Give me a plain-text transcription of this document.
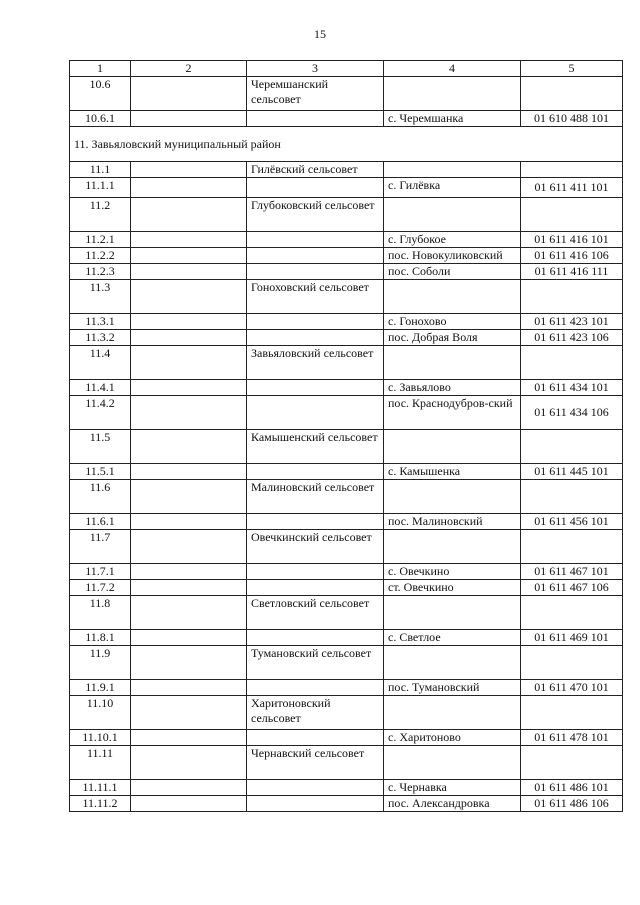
15
1	2	3	4	5
10.6		Черемшанский сельсовет		
10.6.1			с. Черемшанка	01 610 488 101
11. Завьяловский муниципальный район				
11.1		Гилёвский сельсовет		
11.1.1			с. Гилёвка	01 611 411 101
11.2		Глубоковский сельсовет		
11.2.1			с. Глубокое	01 611 416 101
11.2.2			пос. Новокуликовский	01 611 416 106
11.2.3			пос. Соболи	01 611 416 111
11.3		Гоноховский сельсовет		
11.3.1			с. Гонохово	01 611 423 101
11.3.2			пос. Добрая Воля	01 611 423 106
11.4		Завьяловский сельсовет		
11.4.1			с. Завьялово	01 611 434 101
11.4.2			пос. Краснодубров-ский	01 611 434 106
11.5		Камышенский сельсовет		
11.5.1			с. Камышенка	01 611 445 101
11.6		Малиновский сельсовет		
11.6.1			пос. Малиновский	01 611 456 101
11.7		Овечкинский сельсовет		
11.7.1			с. Овечкино	01 611 467 101
11.7.2			ст. Овечкино	01 611 467 106
11.8		Светловский сельсовет		
11.8.1			с. Светлое	01 611 469 101
11.9		Тумановский сельсовет		
11.9.1			пос. Тумановский	01 611 470 101
11.10		Харитоновский сельсовет		
11.10.1			с. Харитоново	01 611 478 101
11.11		Чернавский сельсовет		
11.11.1			с. Чернавка	01 611 486 101
11.11.2			пос. Александровка	01 611 486 106
